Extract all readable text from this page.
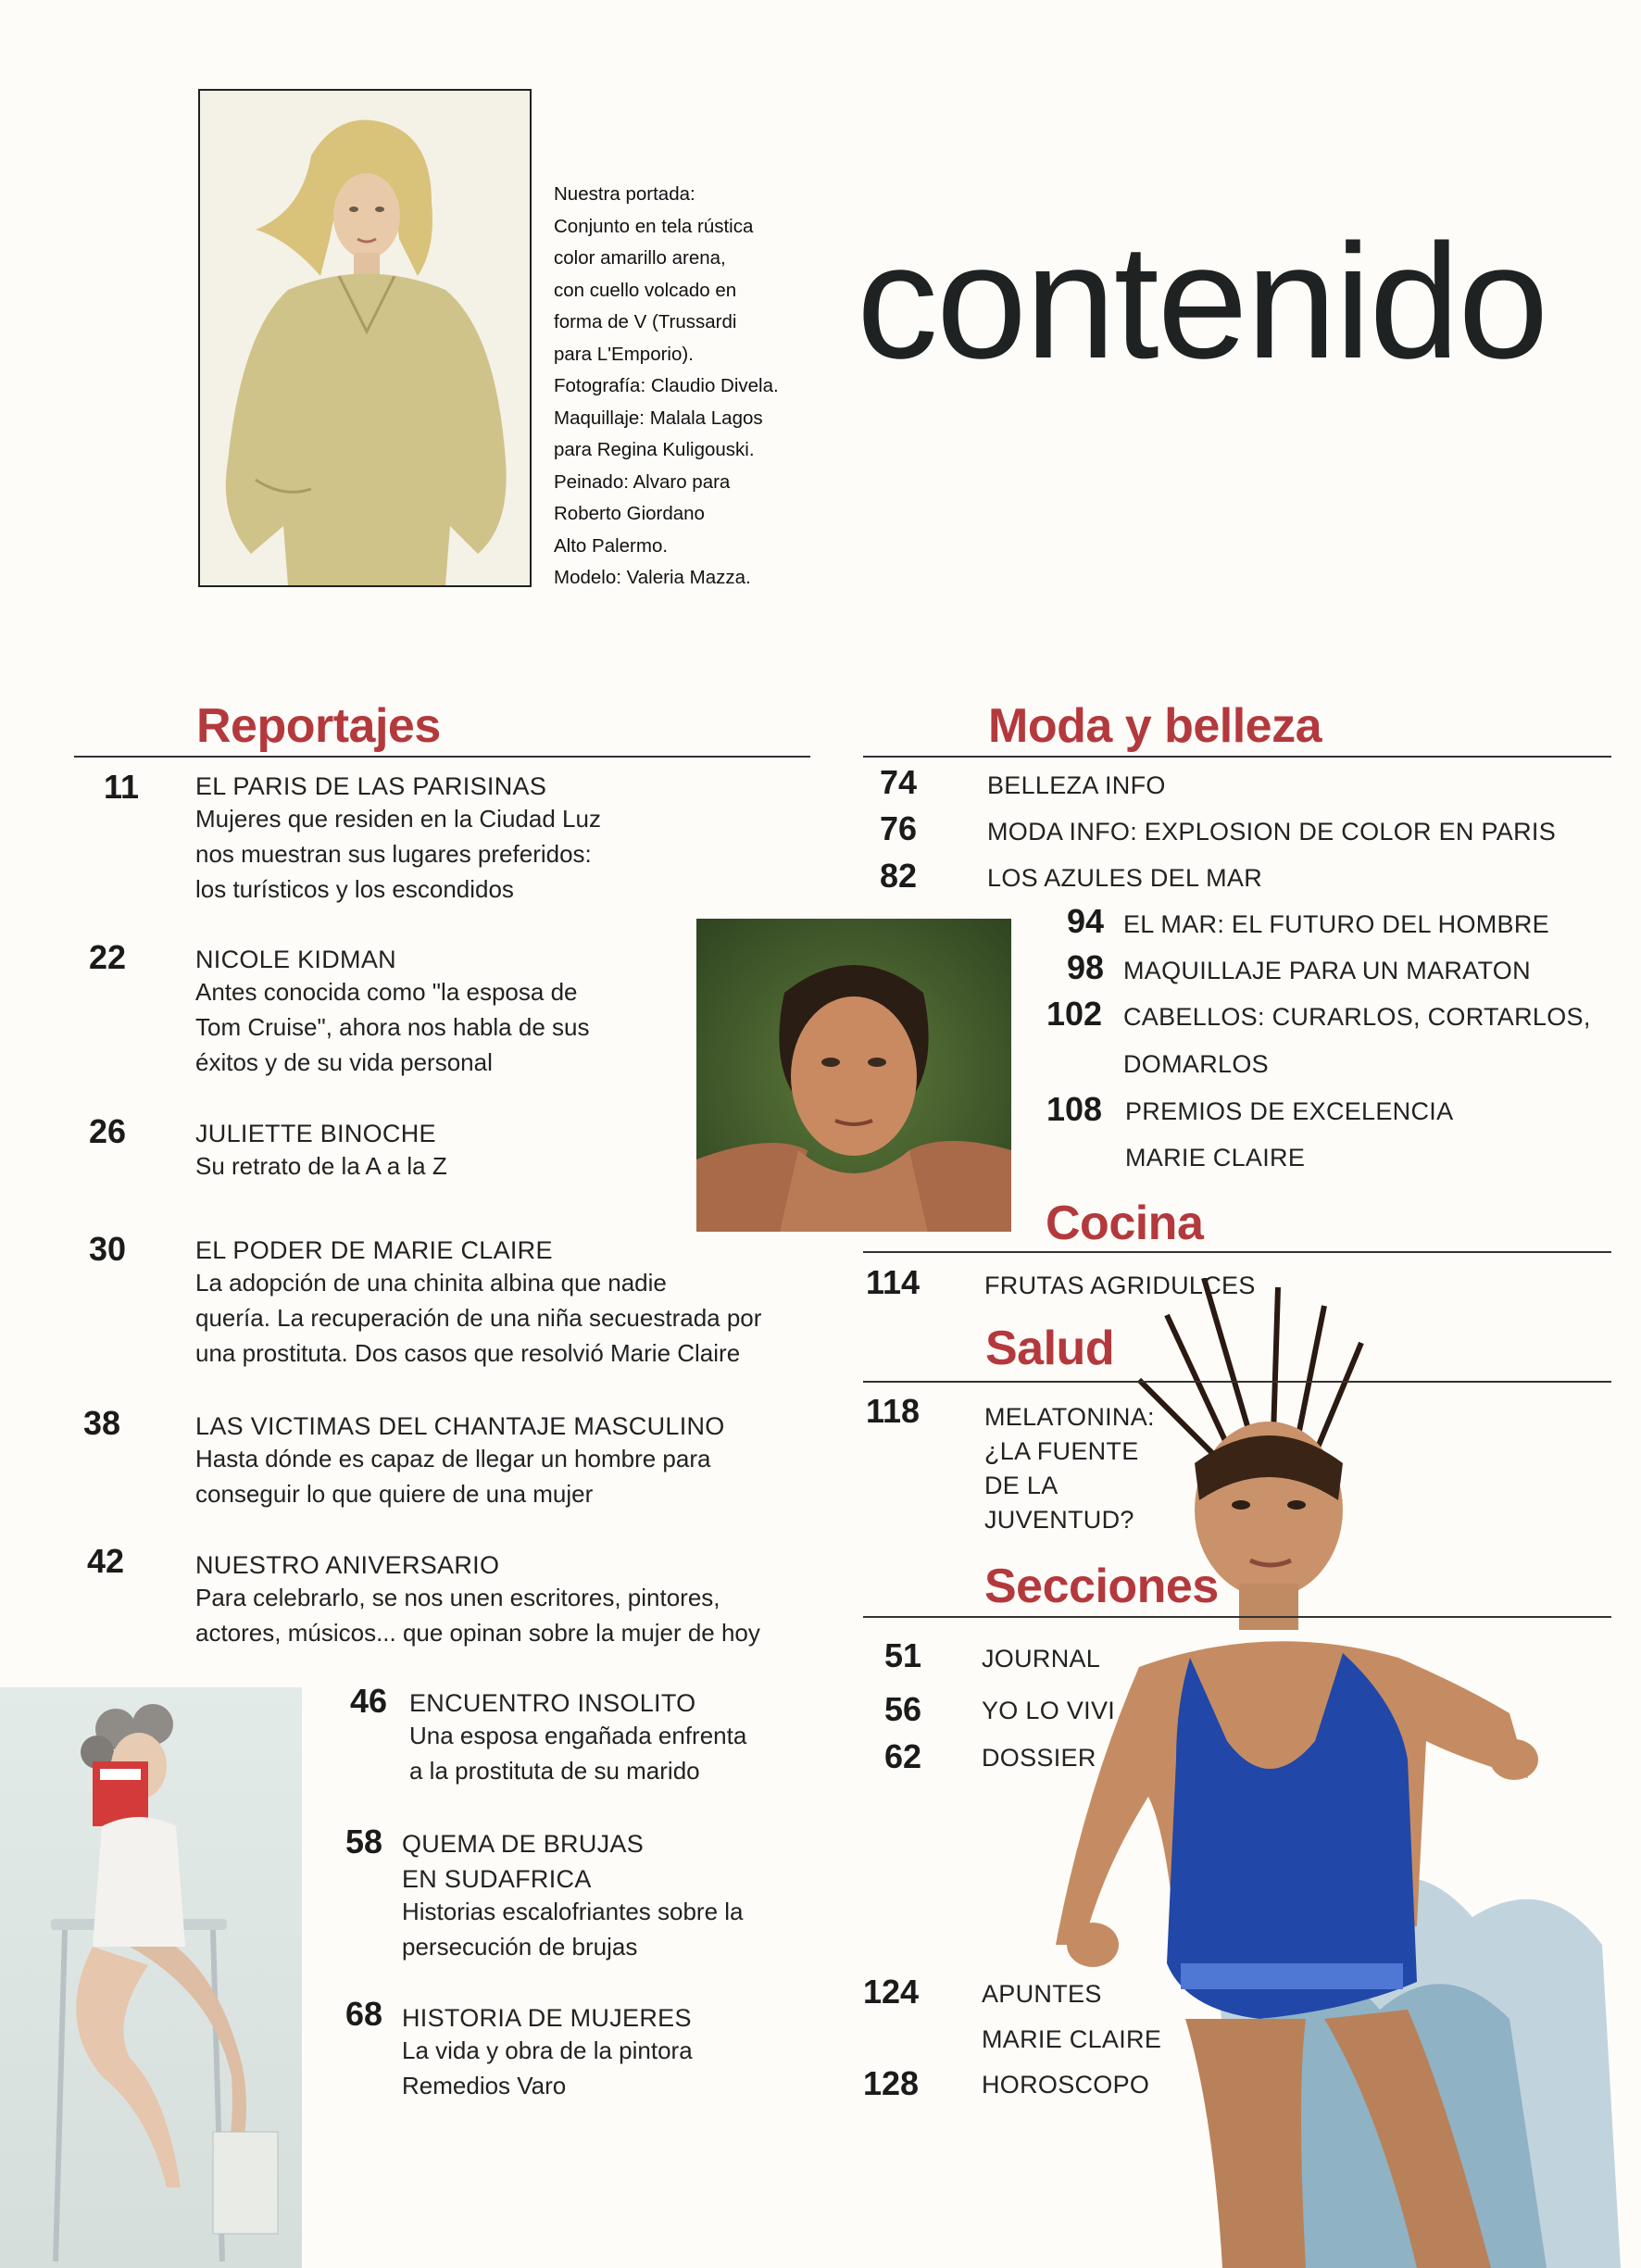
Nuestra portada:
Conjunto en tela rústica
color amarillo arena,
con cuello volcado en
forma de V (Trussardi
para L'Emporio).
Fotografía: Claudio Divela.
Maquillaje: Malala Lagos
para Regina Kuligouski.
Peinado: Alvaro para
Roberto Giordano
Alto Palermo.
Modelo: Valeria Mazza.
contenido
Reportajes
11 EL PARIS DE LAS PARISINAS
Mujeres que residen en la Ciudad Luz
nos muestran sus lugares preferidos:
los turísticos y los escondidos
22	NICOLE KIDMAN
Antes conocida como "la esposa de
Tom Cruise", ahora nos habla de sus
éxitos y de su vida personal
26	JULIETTE BINOCHE
Su retrato de la A a la Z
30	EL PODER DE MARIE CLAIRE
La adopción de una chinita albina que nadie
quería. La recuperación de una niña secuestrada por
una prostituta. Dos casos que resolvió Marie Claire
38	LAS VICTIMAS DEL CHANTAJE MASCULINO
Hasta dónde es capaz de llegar un hombre para
conseguir lo que quiere de una mujer
42	NUESTRO ANIVERSARIO
Para celebrarlo, se nos unen escritores, pintores,
actores, músicos... que opinan sobre la mujer de hoy
46 ENCUENTRO INSOLITO
Una esposa engañada enfrenta
a la prostituta de su marido
58 QUEMA DE BRUJAS
EN SUDAFRICA
Historias escalofriantes sobre la
persecución de brujas
68 HISTORIA DE MUJERES
La vida y obra de la pintora
Remedios Varo
Moda y belleza
74	BELLEZA INFO
76	MODA INFO: EXPLOSION DE COLOR EN PARIS
82	LOS AZULES DEL MAR
94 EL MAR: EL FUTURO DEL HOMBRE
98 MAQUILLAJE PARA UN MARATON
102 CABELLOS: CURARLOS, CORTARLOS,
DOMARLOS
108 PREMIOS DE EXCELENCIA
MARIE CLAIRE
Cocina
114	FRUTAS AGRIDULCES
Salud
118	MELATONINA:
¿LA FUENTE
DE LA
JUVENTUD?
Secciones
51 JOURNAL
56 YO LO VIVI
62 DOSSIER
124	APUNTES
MARIE CLAIRE
128	HOROSCOPO
